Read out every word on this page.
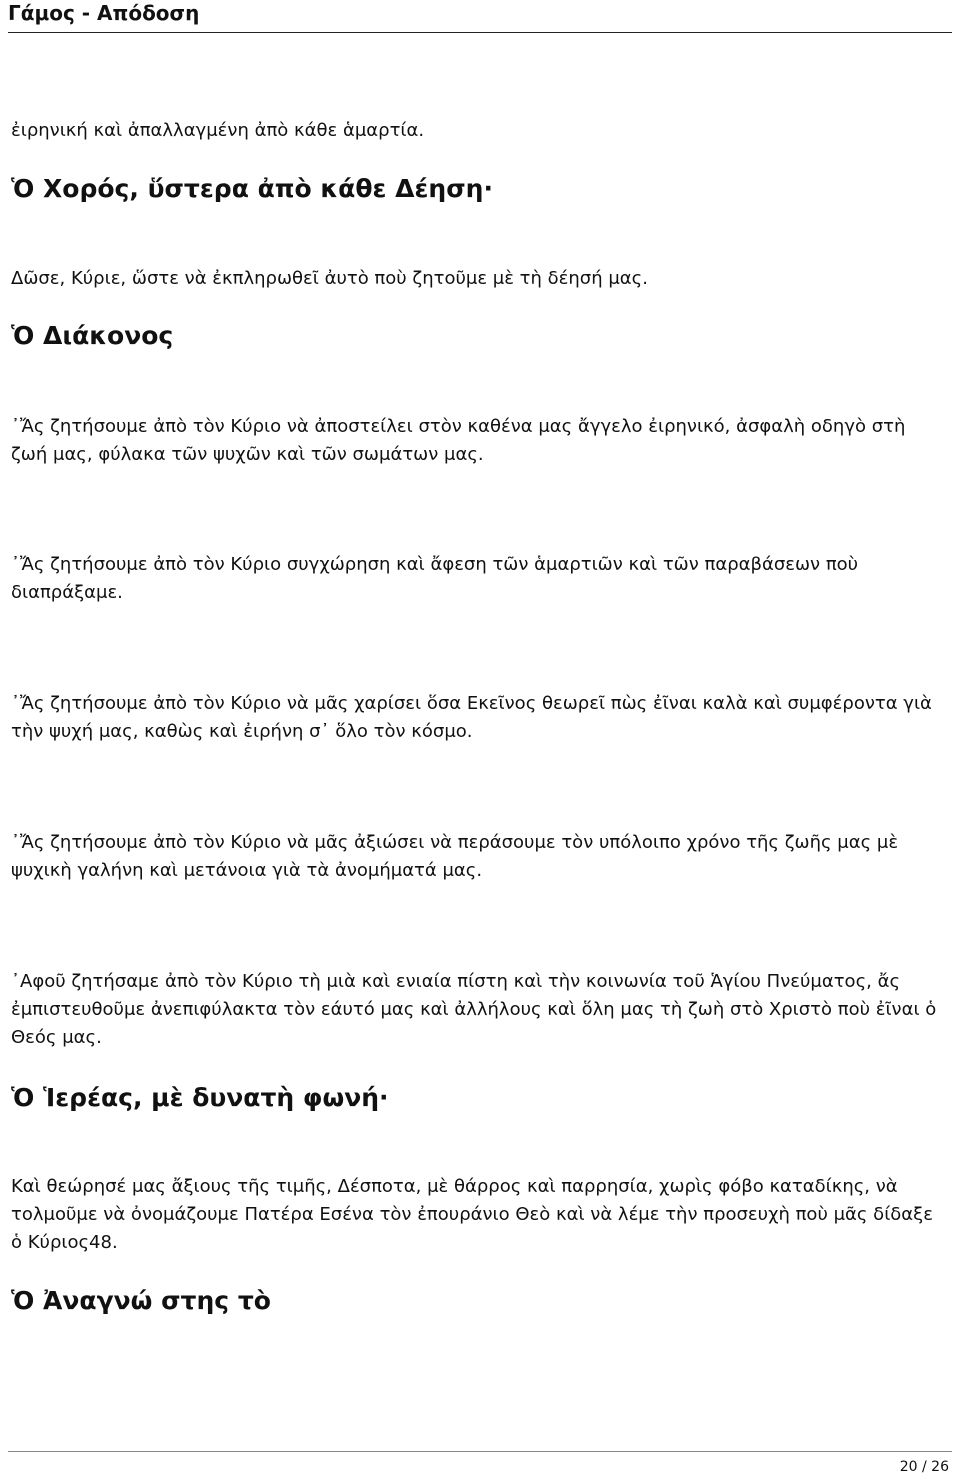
Γάμος - Απόδοση

ἐιρηνική καὶ ἀπαλλαγμένη ἀπὸ κάθε ἁμαρτία.

Ὁ Χορός, ὕστερα ἀπὸ κάθε Δέηση·

Δῶσε, Κύριε, ὥστε νὰ ἐκπληρωθεῖ ἀυτὸ ποὺ ζητοῦμε μὲ τὴ δέησή μας.

Ὁ Διάκονος

᾿Ἄς ζητήσουμε ἀπὸ τὸν Κύριο νὰ ἀποστείλει στὸν καθένα μας ἄγγελο ἐιρηνικό, ἀσφαλὴ οδηγὸ στὴ ζωή μας, φύλακα τῶν ψυχῶν καὶ τῶν σωμάτων μας.

᾿Ἄς ζητήσουμε ἀπὸ τὸν Κύριο συγχώρηση καὶ ἄφεση τῶν ἁμαρτιῶν καὶ τῶν παραβάσεων ποὺ διαπράξαμε.

᾿Ἄς ζητήσουμε ἀπὸ τὸν Κύριο νὰ μᾶς χαρίσει ὅσα Εκεῖνος θεωρεῖ πὼς ἐῖναι καλὰ καὶ συμφέροντα γιὰ τὴν ψυχή μας, καθὼς καὶ ἐιρήνη σ᾿ ὅλο τὸν κόσμο.

᾿Ἄς ζητήσουμε ἀπὸ τὸν Κύριο νὰ μᾶς ἀξιώσει νὰ περάσουμε τὸν υπόλοιπο χρόνο τῆς ζωῆς μας μὲ ψυχικὴ γαλήνη καὶ μετάνοια γιὰ τὰ ἀνομήματά μας.

᾿Αφοῦ ζητήσαμε ἀπὸ τὸν Κύριο τὴ μιὰ καὶ ενιαία πίστη καὶ τὴν κοινωνία τοῦ Ἁγίου Πνεύματος, ἄς ἐμπιστευθοῦμε ἀνεπιφύλακτα τὸν εάυτό μας καὶ ἀλλήλους καὶ ὅλη μας τὴ ζωὴ στὸ Χριστὸ ποὺ ἐῖναι ὁ Θεός μας.

Ὁ Ἱερέας, μὲ δυνατὴ φωνή·

Καὶ θεώρησέ μας ἄξιους τῆς τιμῆς, Δέσποτα, μὲ θάρρος καὶ παρρησία, χωρὶς φόβο καταδίκης, νὰ τολμοῦμε νὰ ὀνομάζουμε Πατέρα Εσένα τὸν ἐπουράνιο Θεὸ καὶ νὰ λέμε τὴν προσευχὴ ποὺ μᾶς δίδαξε ὁ Κύριος48.

Ὁ Ἀναγνώ στης τὸ
20 / 26
